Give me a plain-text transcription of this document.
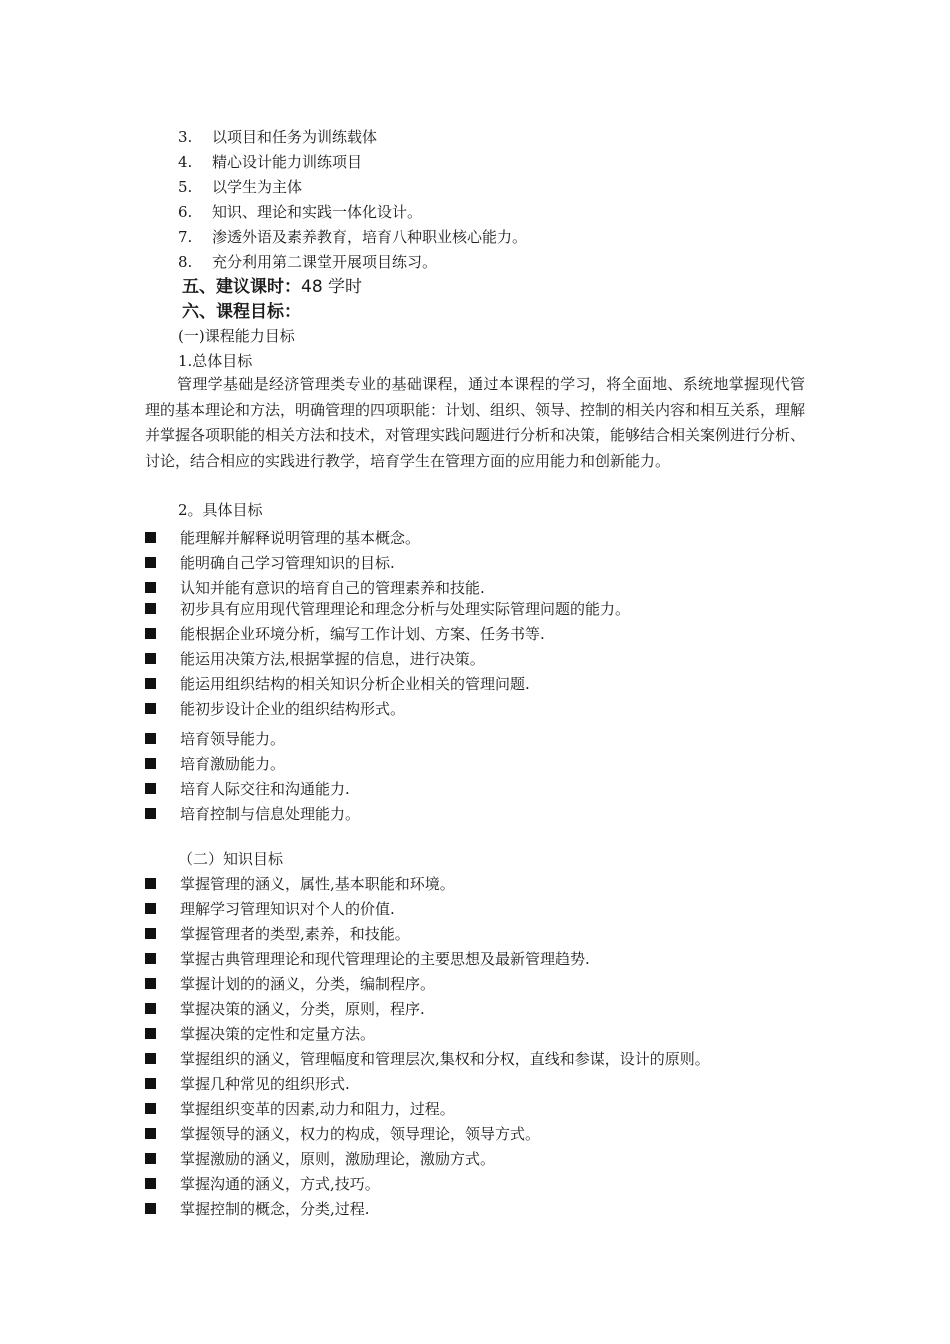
3. 以项目和任务为训练载体
4. 精心设计能力训练项目
5. 以学生为主体
6. 知识、理论和实践一体化设计。
7. 渗透外语及素养教育，培育八种职业核心能力。
8. 充分利用第二课堂开展项目练习。
五、建议课时：48 学时
六、课程目标：
(一)课程能力目标
1.总体目标
管理学基础是经济管理类专业的基础课程，通过本课程的学习，将全面地、系统地掌握现代管理的基本理论和方法，明确管理的四项职能：计划、组织、领导、控制的相关内容和相互关系，理解并掌握各项职能的相关方法和技术，对管理实践问题进行分析和决策，能够结合相关案例进行分析、讨论，结合相应的实践进行教学，培育学生在管理方面的应用能力和创新能力。
2。具体目标
能理解并解释说明管理的基本概念。
能明确自己学习管理知识的目标.
认知并能有意识的培育自己的管理素养和技能.
初步具有应用现代管理理论和理念分析与处理实际管理问题的能力。
能根据企业环境分析，编写工作计划、方案、任务书等.
能运用决策方法,根据掌握的信息，进行决策。
能运用组织结构的相关知识分析企业相关的管理问题.
能初步设计企业的组织结构形式。
培育领导能力。
培育激励能力。
培育人际交往和沟通能力.
培育控制与信息处理能力。
（二）知识目标
掌握管理的涵义，属性,基本职能和环境。
理解学习管理知识对个人的价值.
掌握管理者的类型,素养，和技能。
掌握古典管理理论和现代管理理论的主要思想及最新管理趋势.
掌握计划的的涵义，分类，编制程序。
掌握决策的涵义，分类，原则，程序.
掌握决策的定性和定量方法。
掌握组织的涵义，管理幅度和管理层次,集权和分权，直线和参谋，设计的原则。
掌握几种常见的组织形式.
掌握组织变革的因素,动力和阻力，过程。
掌握领导的涵义，权力的构成，领导理论，领导方式。
掌握激励的涵义，原则，激励理论，激励方式。
掌握沟通的涵义，方式,技巧。
掌握控制的概念，分类,过程.
